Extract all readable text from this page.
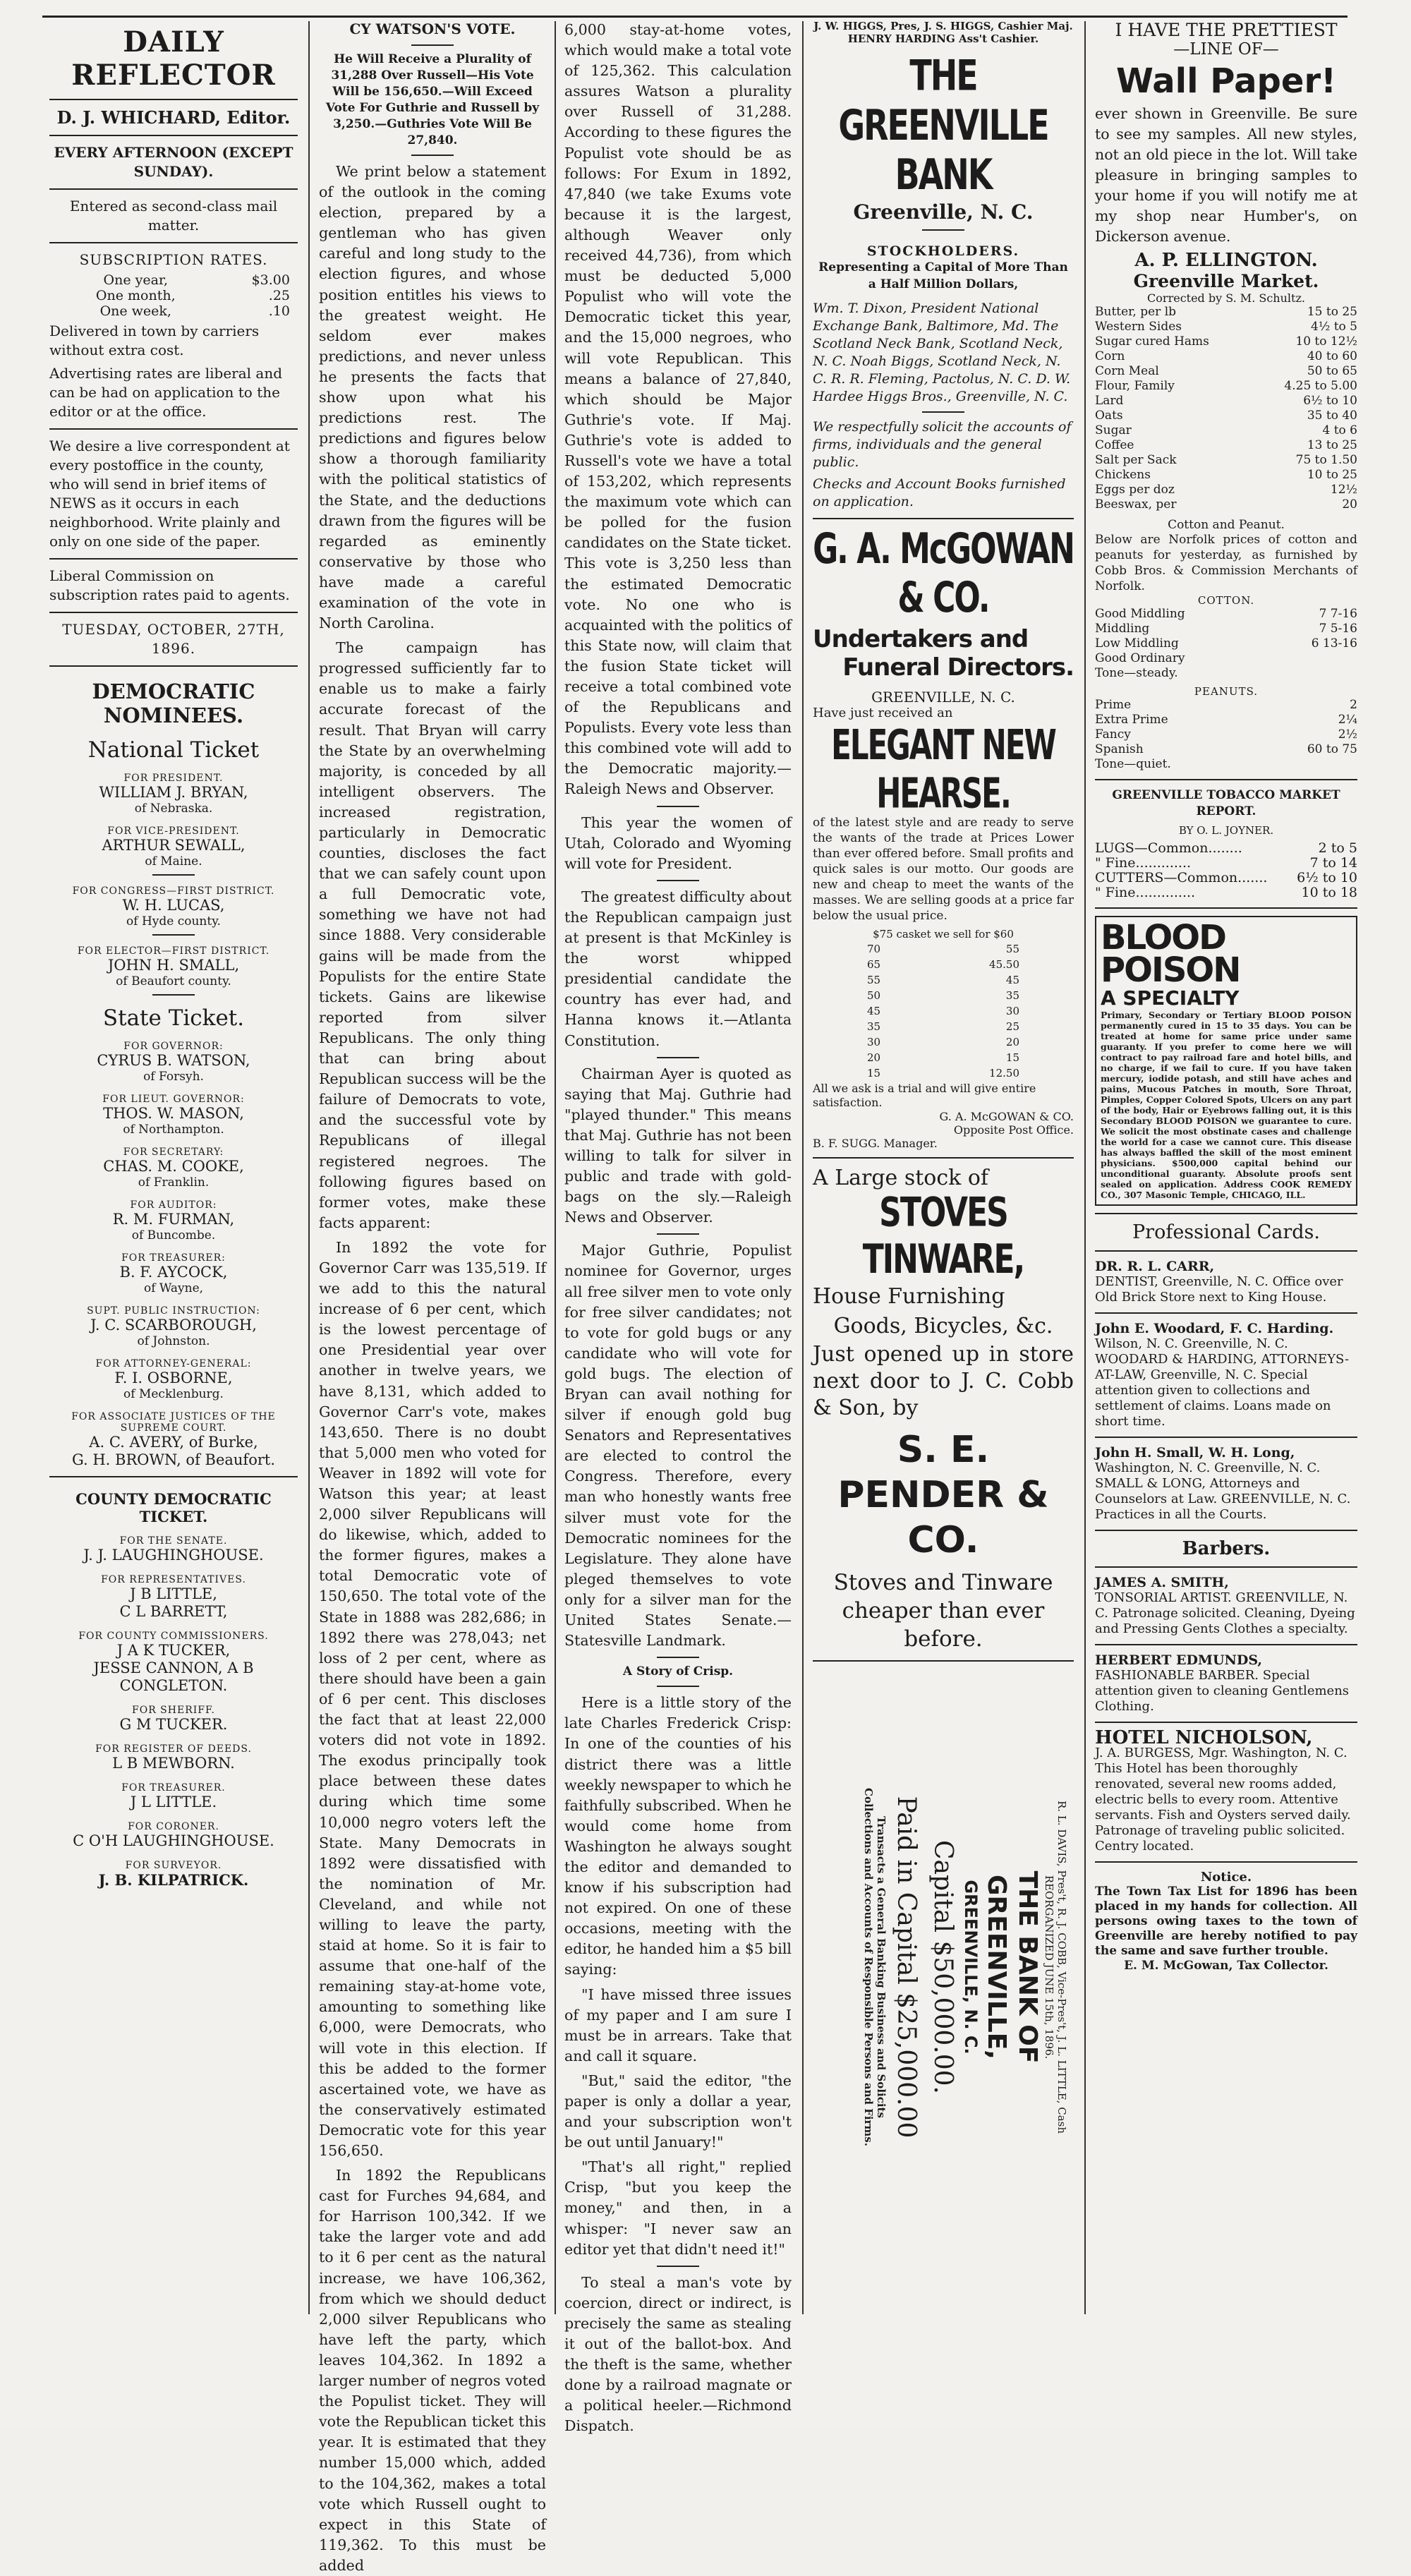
DAILY REFLECTOR
D. J. WHICHARD, Editor.
EVERY AFTERNOON (EXCEPT SUNDAY).
Entered as second-class mail matter.
SUBSCRIPTION RATES.
One year,	$3.00
One month,	.25
One week,	.10
Delivered in town by carriers without extra cost.
Advertising rates are liberal and can be had on application to the editor or at the office.
We desire a live correspondent at every postoffice in the county, who will send in brief items of NEWS as it occurs in each neighborhood. Write plainly and only on one side of the paper.
Liberal Commission on subscription rates paid to agents.
TUESDAY, OCTOBER, 27TH, 1896.
DEMOCRATIC NOMINEES.
National Ticket
FOR PRESIDENT.
WILLIAM J. BRYAN,
of Nebraska.
FOR VICE-PRESIDENT.
ARTHUR SEWALL,
of Maine.
FOR CONGRESS—FIRST DISTRICT.
W. H. LUCAS,
of Hyde county.
FOR ELECTOR—FIRST DISTRICT.
JOHN H. SMALL,
of Beaufort county.
State Ticket.
FOR GOVERNOR:
CYRUS B. WATSON,
of Forsyh.
FOR LIEUT. GOVERNOR:
THOS. W. MASON,
of Northampton.
FOR SECRETARY:
CHAS. M. COOKE,
of Franklin.
FOR AUDITOR:
R. M. FURMAN,
of Buncombe.
FOR TREASURER:
B. F. AYCOCK,
of Wayne,
SUPT. PUBLIC INSTRUCTION:
J. C. SCARBOROUGH,
of Johnston.
FOR ATTORNEY-GENERAL:
F. I. OSBORNE,
of Mecklenburg.
FOR ASSOCIATE JUSTICES OF THE SUPREME COURT.
A. C. AVERY, of Burke,
G. H. BROWN, of Beaufort.
COUNTY DEMOCRATIC TICKET.
FOR THE SENATE.
J. J. LAUGHINGHOUSE.
FOR REPRESENTATIVES.
J B LITTLE,
C L BARRETT,
FOR COUNTY COMMISSIONERS.
J A K TUCKER,
JESSE CANNON, A B CONGLETON.
FOR SHERIFF.
G M TUCKER.
FOR REGISTER OF DEEDS.
L B MEWBORN.
FOR TREASURER.
J L LITTLE.
FOR CORONER.
C O'H LAUGHINGHOUSE.
FOR SURVEYOR.
J. B. KILPATRICK.
CY WATSON'S VOTE.
He Will Receive a Plurality of 31,288 Over Russell—His Vote Will be 156,650.—Will Exceed Vote For Guthrie and Russell by 3,250.—Guthries Vote Will Be 27,840.

We print below a statement of the outlook in the coming election, prepared by a gentleman who has given careful and long study to the election figures, and whose position entitles his views to the greatest weight. He seldom ever makes predictions, and never unless he presents the facts that show upon what his predictions rest. The predictions and figures below show a thorough familiarity with the political statistics of the State, and the deductions drawn from the figures will be regarded as eminently conservative by those who have made a careful examination of the vote in North Carolina.

The campaign has progressed sufficiently far to enable us to make a fairly accurate forecast of the result. That Bryan will carry the State by an overwhelming majority, is conceded by all intelligent observers. The increased registration, particularly in Democratic counties, discloses the fact that we can safely count upon a full Democratic vote, something we have not had since 1888. Very considerable gains will be made from the Populists for the entire State tickets. Gains are likewise reported from silver Republicans. The only thing that can bring about Republican success will be the failure of Democrats to vote, and the successful vote by Republicans of illegal registered negroes. The following figures based on former votes, make these facts apparent:

In 1892 the vote for Governor Carr was 135,519. If we add to this the natural increase of 6 per cent, which is the lowest percentage of one Presidential year over another in twelve years, we have 8,131, which added to Governor Carr's vote, makes 143,650. There is no doubt that 5,000 men who voted for Weaver in 1892 will vote for Watson this year; at least 2,000 silver Republicans will do likewise, which, added to the former figures, makes a total Democratic vote of 150,650. The total vote of the State in 1888 was 282,686; in 1892 there was 278,043; net loss of 2 per cent, where as there should have been a gain of 6 per cent. This discloses the fact that at least 22,000 voters did not vote in 1892. The exodus principally took place between these dates during which time some 10,000 negro voters left the State. Many Democrats in 1892 were dissatisfied with the nomination of Mr. Cleveland, and while not willing to leave the party, staid at home. So it is fair to assume that one-half of the remaining stay-at-home vote, amounting to something like 6,000, were Democrats, who will vote in this election. If this be added to the former ascertained vote, we have as the conservatively estimated Democratic vote for this year 156,650.

In 1892 the Republicans cast for Furches 94,684, and for Harrison 100,342. If we take the larger vote and add to it 6 per cent as the natural increase, we have 106,362, from which we should deduct 2,000 silver Republicans who have left the party, which leaves 104,362. In 1892 a larger number of negros voted the Populist ticket. They will vote the Republican ticket this year. It is estimated that they number 15,000 which, added to the 104,362, makes a total vote which Russell ought to expect in this State of 119,362. To this must be added

6,000 stay-at-home votes, which would make a total vote of 125,362. This calculation assures Watson a plurality over Russell of 31,288. According to these figures the Populist vote should be as follows: For Exum in 1892, 47,840 (we take Exums vote because it is the largest, although Weaver only received 44,736), from which must be deducted 5,000 Populist who will vote the Democratic ticket this year, and the 15,000 negroes, who will vote Republican. This means a balance of 27,840, which should be Major Guthrie's vote. If Maj. Guthrie's vote is added to Russell's vote we have a total of 153,202, which represents the maximum vote which can be polled for the fusion candidates on the State ticket. This vote is 3,250 less than the estimated Democratic vote. No one who is acquainted with the politics of this State now, will claim that the fusion State ticket will receive a total combined vote of the Republicans and Populists. Every vote less than this combined vote will add to the Democratic majority.—Raleigh News and Observer.

This year the women of Utah, Colorado and Wyoming will vote for President.

The greatest difficulty about the Republican campaign just at present is that McKinley is the worst whipped presidential candidate the country has ever had, and Hanna knows it.—Atlanta Constitution.

Chairman Ayer is quoted as saying that Maj. Guthrie had "played thunder." This means that Maj. Guthrie has not been willing to talk for silver in public and trade with gold-bags on the sly.—Raleigh News and Observer.

Major Guthrie, Populist nominee for Governor, urges all free silver men to vote only for free silver candidates; not to vote for gold bugs or any candidate who will vote for gold bugs. The election of Bryan can avail nothing for silver if enough gold bug Senators and Representatives are elected to control the Congress. Therefore, every man who honestly wants free silver must vote for the Democratic nominees for the Legislature. They alone have pleged themselves to vote only for a silver man for the United States Senate.—Statesville Landmark.

A Story of Crisp.

Here is a little story of the late Charles Frederick Crisp: In one of the counties of his district there was a little weekly newspaper to which he faithfully subscribed. When he would come home from Washington he always sought the editor and demanded to know if his subscription had not expired. On one of these occasions, meeting with the editor, he handed him a $5 bill saying:

"I have missed three issues of my paper and I am sure I must be in arrears. Take that and call it square.

"But," said the editor, "the paper is only a dollar a year, and your subscription won't be out until January!"

"That's all right," replied Crisp, "but you keep the money," and then, in a whisper: "I never saw an editor yet that didn't need it!"

To steal a man's vote by coercion, direct or indirect, is precisely the same as stealing it out of the ballot-box. And the theft is the same, whether done by a railroad magnate or a political heeler.—Richmond Dispatch.

J. W. HIGGS, Pres, J. S. HIGGS, Cashier Maj. HENRY HARDING Ass't Cashier.
THE GREENVILLE BANK
Greenville, N. C.
STOCKHOLDERS.
Representing a Capital of More Than a Half Million Dollars,
Wm. T. Dixon, President National Exchange Bank, Baltimore, Md. The Scotland Neck Bank, Scotland Neck, N. C. Noah Biggs, Scotland Neck, N. C. R. R. Fleming, Pactolus, N. C. D. W. Hardee Higgs Bros., Greenville, N. C.
We respectfully solicit the accounts of firms, individuals and the general public.
Checks and Account Books furnished on application.
G. A. McGOWAN & CO.
Undertakers and
Funeral Directors.
GREENVILLE, N. C.
Have just received an
ELEGANT NEW HEARSE.
of the latest style and are ready to serve the wants of the trade at Prices Lower than ever offered before. Small profits and quick sales is our motto. Our goods are new and cheap to meet the wants of the masses. We are selling goods at a price far below the usual price.
$75 casket we sell for $60
70	55
65	45.50
55	45
50	35
45	30
35	25
30	20
20	15
15	12.50
All we ask is a trial and will give entire satisfaction.
G. A. McGOWAN & CO.
Opposite Post Office.
B. F. SUGG. Manager.
A Large stock of
STOVES TINWARE,
House Furnishing
Goods, Bicycles, &c.
Just opened up in store next door to J. C. Cobb & Son, by
S. E. PENDER & CO.
Stoves and Tinware cheaper than ever before.
R. L. DAVIS, Pres't, R. J. COBB, Vice-Pres't, J. L. LITTLE, Cash
REORGANIZED JUNE 15th, 1896.
THE BANK OF GREENVILLE,
GREENVILLE, N. C.
Capital $50,000.00.
Paid in Capital $25,000.00
Transacts a General Banking Business and Solicits Collections and Accounts of Responsible Persons and Firms.
I HAVE THE PRETTIEST
—LINE OF—
Wall Paper!
ever shown in Greenville. Be sure to see my samples. All new styles, not an old piece in the lot. Will take pleasure in bringing samples to your home if you will notify me at my shop near Humber's, on Dickerson avenue.
A. P. ELLINGTON.
Greenville Market.
Corrected by S. M. Schultz.
Butter, per lb	15 to 25
Western Sides	4½ to 5
Sugar cured Hams	10 to 12½
Corn	40 to 60
Corn Meal	50 to 65
Flour, Family	4.25 to 5.00
Lard	6½ to 10
Oats	35 to 40
Sugar	4 to 6
Coffee	13 to 25
Salt per Sack	75 to 1.50
Chickens	10 to 25
Eggs per doz	12½
Beeswax, per	20
Cotton and Peanut.
Below are Norfolk prices of cotton and peanuts for yesterday, as furnished by Cobb Bros. & Commission Merchants of Norfolk.
COTTON.
Good Middling	7 7-16
Middling	7 5-16
Low Middling	6 13-16
Good Ordinary	
Tone—steady.	
PEANUTS.
Prime	2
Extra Prime	2¼
Fancy	2½
Spanish	60 to 75
Tone—quiet.	
GREENVILLE TOBACCO MARKET REPORT.
BY O. L. JOYNER.
LUGS—Common........	2 to 5
" Fine.............	7 to 14
CUTTERS—Common.......	6½ to 10
" Fine..............	10 to 18
BLOOD POISON
A SPECIALTY
Primary, Secondary or Tertiary BLOOD POISON permanently cured in 15 to 35 days. You can be treated at home for same price under same guaranty. If you prefer to come here we will contract to pay railroad fare and hotel bills, and no charge, if we fail to cure. If you have taken mercury, iodide potash, and still have aches and pains, Mucous Patches in mouth, Sore Throat, Pimples, Copper Colored Spots, Ulcers on any part of the body, Hair or Eyebrows falling out, it is this Secondary BLOOD POISON we guarantee to cure. We solicit the most obstinate cases and challenge the world for a case we cannot cure. This disease has always baffled the skill of the most eminent physicians. $500,000 capital behind our unconditional guaranty. Absolute proofs sent sealed on application. Address COOK REMEDY CO., 307 Masonic Temple, CHICAGO, ILL.
Professional Cards.
DR. R. L. CARR,
DENTIST, Greenville, N. C. Office over Old Brick Store next to King House.
John E. Woodard, F. C. Harding.
Wilson, N. C. Greenville, N. C. WOODARD & HARDING, ATTORNEYS-AT-LAW, Greenville, N. C. Special attention given to collections and settlement of claims. Loans made on short time.
John H. Small, W. H. Long,
Washington, N. C. Greenville, N. C. SMALL & LONG, Attorneys and Counselors at Law. GREENVILLE, N. C. Practices in all the Courts.
Barbers.
JAMES A. SMITH,
TONSORIAL ARTIST. GREENVILLE, N. C. Patronage solicited. Cleaning, Dyeing and Pressing Gents Clothes a specialty.
HERBERT EDMUNDS,
FASHIONABLE BARBER. Special attention given to cleaning Gentlemens Clothing.
HOTEL NICHOLSON,
J. A. BURGESS, Mgr. Washington, N. C. This Hotel has been thoroughly renovated, several new rooms added, electric bells to every room. Attentive servants. Fish and Oysters served daily. Patronage of traveling public solicited. Centry located.
Notice.
The Town Tax List for 1896 has been placed in my hands for collection. All persons owing taxes to the town of Greenville are hereby notified to pay the same and save further trouble.
E. M. McGowan, Tax Collector.
